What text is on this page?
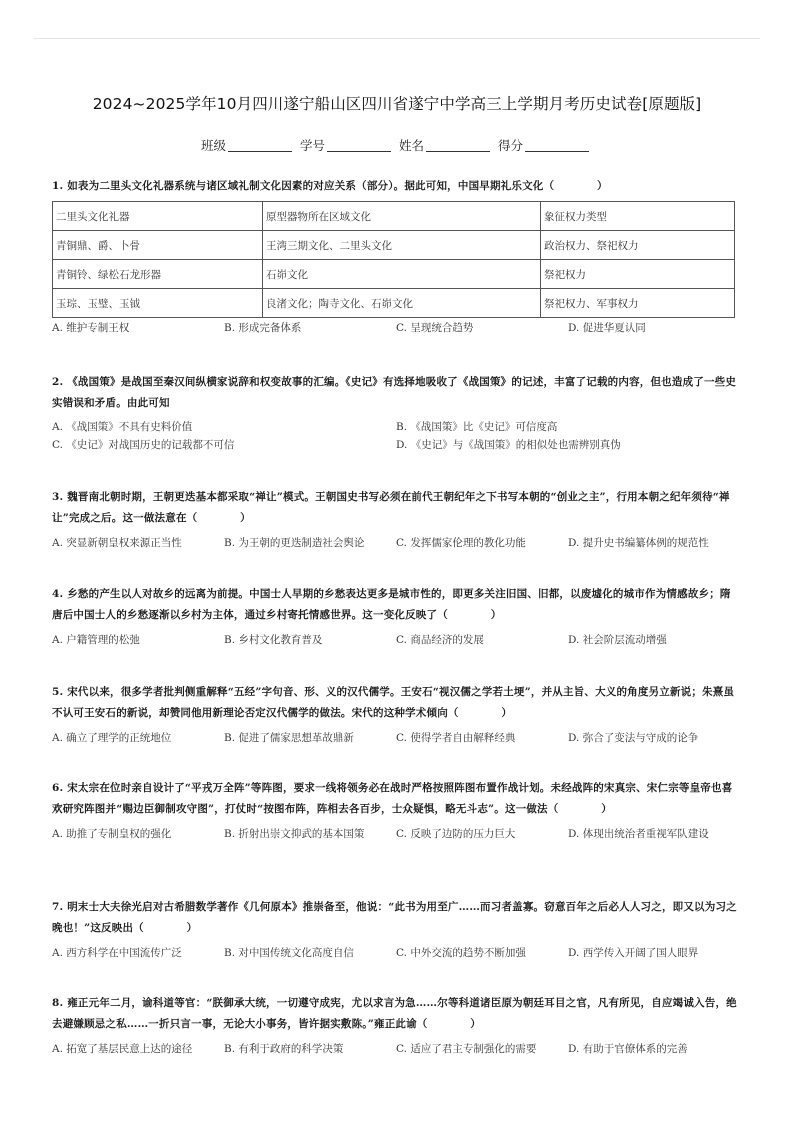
2024~2025学年10月四川遂宁船山区四川省遂宁中学高三上学期月考历史试卷[原题版]
班级	学号	姓名	得分
1. 如表为二里头文化礼器系统与诸区域礼制文化因素的对应关系（部分）。据此可知，中国早期礼乐文化（　　　　）
二里头文化礼器	原型器物所在区域文化	象征权力类型
青铜鼎、爵、卜骨	王湾三期文化、二里头文化	政治权力、祭祀权力
青铜铃、绿松石龙形器	石峁文化	祭祀权力
玉琮、玉璧、玉钺	良渚文化；陶寺文化、石峁文化	祭祀权力、军事权力
A. 维护专制王权	B. 形成完备体系	C. 呈现统合趋势	D. 促进华夏认同
2. 《战国策》是战国至秦汉间纵横家说辞和权变故事的汇编。《史记》有选择地吸收了《战国策》的记述，丰富了记载的内容，但也造成了一些史实错误和矛盾。由此可知
A. 《战国策》不具有史料价值	B. 《战国策》比《史记》可信度高
C. 《史记》对战国历史的记载都不可信	D. 《史记》与《战国策》的相似处也需辨别真伪
3. 魏晋南北朝时期，王朝更迭基本都采取“禅让”模式。王朝国史书写必须在前代王朝纪年之下书写本朝的“创业之主”，行用本朝之纪年须待“禅让”完成之后。这一做法意在（　　　　）
A. 突显新朝皇权来源正当性	B. 为王朝的更迭制造社会舆论	C. 发挥儒家伦理的教化功能	D. 提升史书编纂体例的规范性
4. 乡愁的产生以人对故乡的远离为前提。中国士人早期的乡愁表达更多是城市性的，即更多关注旧国、旧都，以废墟化的城市作为情感故乡；隋唐后中国士人的乡愁逐渐以乡村为主体，通过乡村寄托情感世界。这一变化反映了（　　　　）
A. 户籍管理的松弛	B. 乡村文化教育普及	C. 商品经济的发展	D. 社会阶层流动增强
5. 宋代以来，很多学者批判侧重解释“五经”字句音、形、义的汉代儒学。王安石“视汉儒之学若土埂”，并从主旨、大义的角度另立新说；朱熹虽不认可王安石的新说，却赞同他用新理论否定汉代儒学的做法。宋代的这种学术倾向（　　　　）
A. 确立了理学的正统地位	B. 促进了儒家思想革故鼎新	C. 使得学者自由解释经典	D. 弥合了变法与守成的论争
6. 宋太宗在位时亲自设计了“平戎万全阵”等阵图，要求一线将领务必在战时严格按照阵图布置作战计划。未经战阵的宋真宗、宋仁宗等皇帝也喜欢研究阵图并“赐边臣御制攻守图”，打仗时“按图布阵，阵相去各百步，士众疑惧，略无斗志”。这一做法（　　　　）
A. 助推了专制皇权的强化	B. 折射出崇文抑武的基本国策	C. 反映了边防的压力巨大	D. 体现出统治者重视军队建设
7. 明末士大夫徐光启对古希腊数学著作《几何原本》推崇备至，他说：“此书为用至广……而习者盖寡。窃意百年之后必人人习之，即又以为习之晚也！”这反映出（　　　　）
A. 西方科学在中国流传广泛	B. 对中国传统文化高度自信	C. 中外交流的趋势不断加强	D. 西学传入开阔了国人眼界
8. 雍正元年二月，谕科道等官：“朕御承大统，一切遵守成宪，尤以求言为急……尔等科道诸臣原为朝廷耳目之官，凡有所见，自应竭诚入告，绝去避嫌顾忌之私……一折只言一事，无论大小事务，皆许据实敷陈。”雍正此谕（　　　　）
A. 拓宽了基层民意上达的途径	B. 有利于政府的科学决策	C. 适应了君主专制强化的需要	D. 有助于官僚体系的完善
